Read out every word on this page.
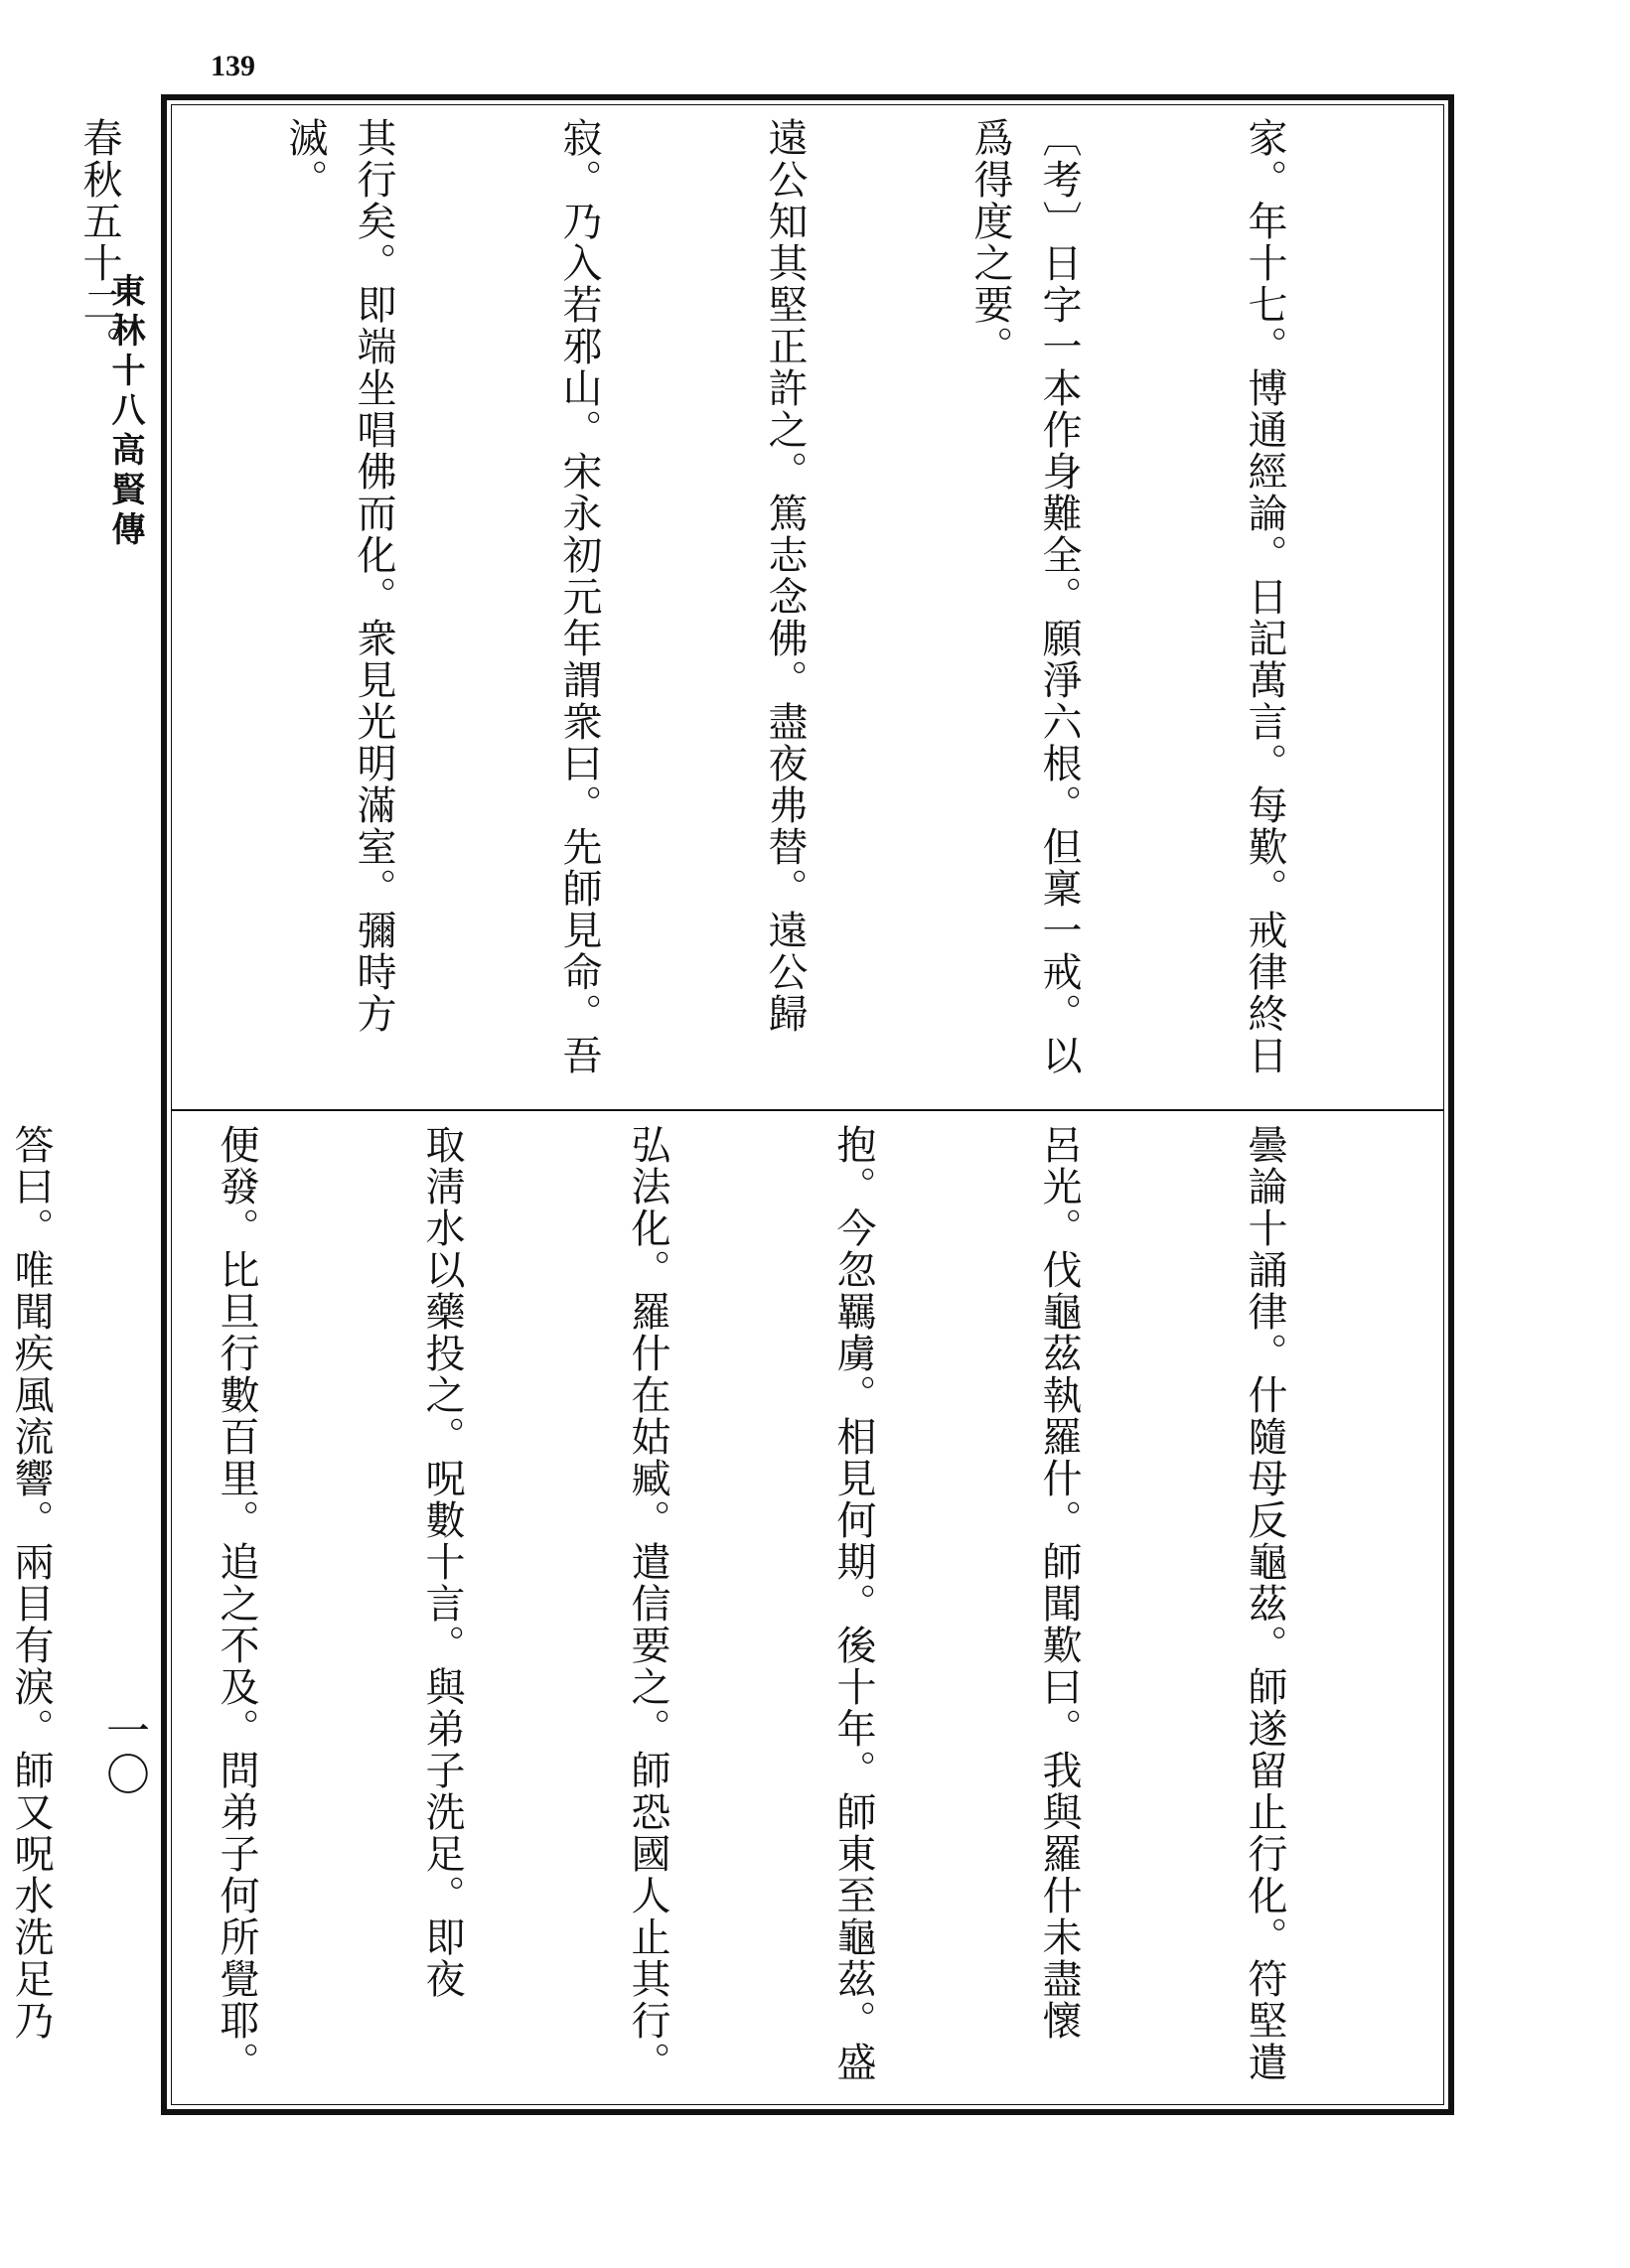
139
東林十八高賢傳
一〇

家。年十七。博通經論。日記萬言。每歎。戒律終日

〔考〕日字一本作身難全。願淨六根。但稟一戒。以爲得度之要。

遠公知其堅正許之。篤志念佛。盡夜弗替。遠公歸

寂。乃入若邪山。宋永初元年謂衆曰。先師見命。吾

其行矣。即端坐唱佛而化。衆見光明滿室。彌時方滅。

春秋五十二。

曇論十誦律。什隨母反龜茲。師遂留止行化。符堅遣

呂光。伐龜茲執羅什。師聞歎曰。我與羅什未盡懷

抱。今忽羈虜。相見何期。後十年。師東至龜茲。盛

弘法化。羅什在姑臧。遣信要之。師恐國人止其行。

取淸水以藥投之。呪數十言。與弟子洗足。即夜

便發。比旦行數百里。追之不及。問弟子何所覺耶。

答曰。唯聞疾風流響。兩目有淚。師又呪水洗足乃
